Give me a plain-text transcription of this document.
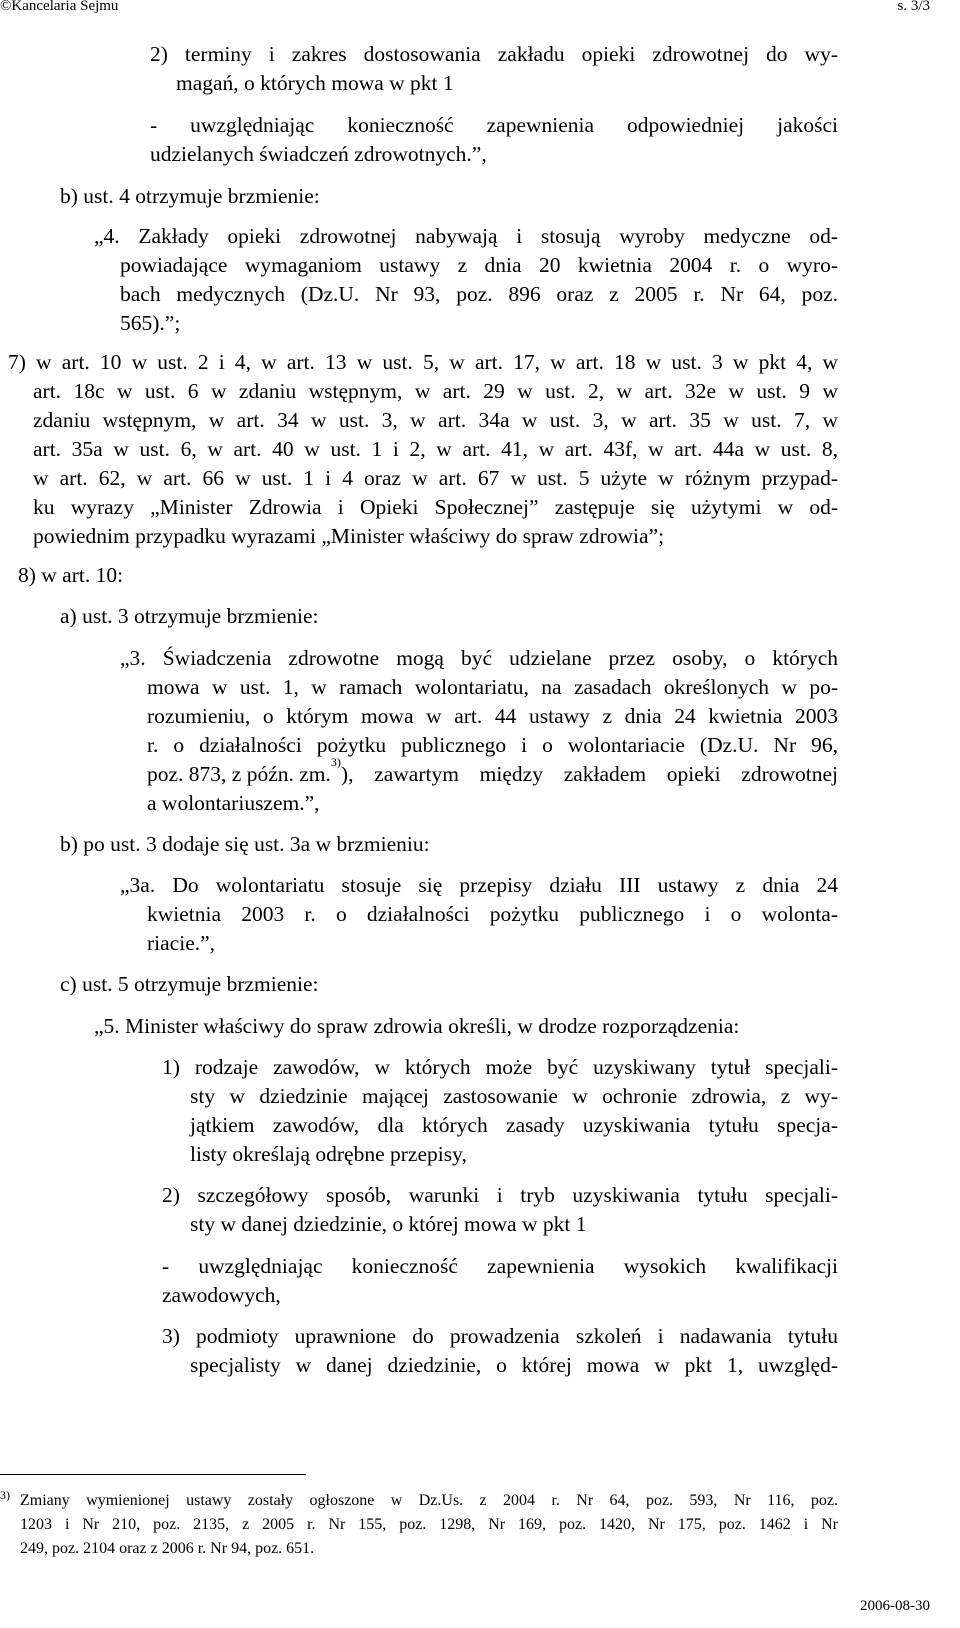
©Kancelaria Sejmu	s. 3/3
2) terminy i zakres dostosowania zakładu opieki zdrowotnej do wy-
magań, o których mowa w pkt 1
- uwzględniając konieczność zapewnienia odpowiedniej jakości
udzielanych świadczeń zdrowotnych.”,
b) ust. 4 otrzymuje brzmienie:
„4. Zakłady opieki zdrowotnej nabywają i stosują wyroby medyczne od-
powiadające wymaganiom ustawy z dnia 20 kwietnia 2004 r. o wyro-
bach medycznych (Dz.U. Nr 93, poz. 896 oraz z 2005 r. Nr 64, poz.
565).”;
7) w art. 10 w ust. 2 i 4, w art. 13 w ust. 5, w art. 17, w art. 18 w ust. 3 w pkt 4, w
art. 18c w ust. 6 w zdaniu wstępnym, w art. 29 w ust. 2, w art. 32e w ust. 9 w
zdaniu wstępnym, w art. 34 w ust. 3, w art. 34a w ust. 3, w art. 35 w ust. 7, w
art. 35a w ust. 6, w art. 40 w ust. 1 i 2, w art. 41, w art. 43f, w art. 44a w ust. 8,
w art. 62, w art. 66 w ust. 1 i 4 oraz w art. 67 w ust. 5 użyte w różnym przypad-
ku wyrazy „Minister Zdrowia i Opieki Społecznej” zastępuje się użytymi w od-
powiednim przypadku wyrazami „Minister właściwy do spraw zdrowia”;
8) w art. 10:
a) ust. 3 otrzymuje brzmienie:
„3. Świadczenia zdrowotne mogą być udzielane przez osoby, o których
mowa w ust. 1, w ramach wolontariatu, na zasadach określonych w po-
rozumieniu, o którym mowa w art. 44 ustawy z dnia 24 kwietnia 2003
r. o działalności pożytku publicznego i o wolontariacie (Dz.U. Nr 96,
poz. 873, z późn. zm. 3) ), zawartym między zakładem opieki zdrowotnej
a wolontariuszem.”,
b) po ust. 3 dodaje się ust. 3a w brzmieniu:
„3a. Do wolontariatu stosuje się przepisy działu III ustawy z dnia 24
kwietnia 2003 r. o działalności pożytku publicznego i o wolonta-
riacie.”,
c) ust. 5 otrzymuje brzmienie:
„5. Minister właściwy do spraw zdrowia określi, w drodze rozporządzenia:
1) rodzaje zawodów, w których może być uzyskiwany tytuł specjali-
sty w dziedzinie mającej zastosowanie w ochronie zdrowia, z wy-
jątkiem zawodów, dla których zasady uzyskiwania tytułu specja-
listy określają odrębne przepisy,
2) szczegółowy sposób, warunki i tryb uzyskiwania tytułu specjali-
sty w danej dziedzinie, o której mowa w pkt 1
- uwzględniając konieczność zapewnienia wysokich kwalifikacji
zawodowych,
3) podmioty uprawnione do prowadzenia szkoleń i nadawania tytułu
specjalisty w danej dziedzinie, o której mowa w pkt 1, uwzględ-
3) Zmiany wymienionej ustawy zostały ogłoszone w Dz.Us. z 2004 r. Nr 64, poz. 593, Nr 116, poz.
1203 i Nr 210, poz. 2135, z 2005 r. Nr 155, poz. 1298, Nr 169, poz. 1420, Nr 175, poz. 1462 i Nr
249, poz. 2104 oraz z 2006 r. Nr 94, poz. 651.
2006-08-30
